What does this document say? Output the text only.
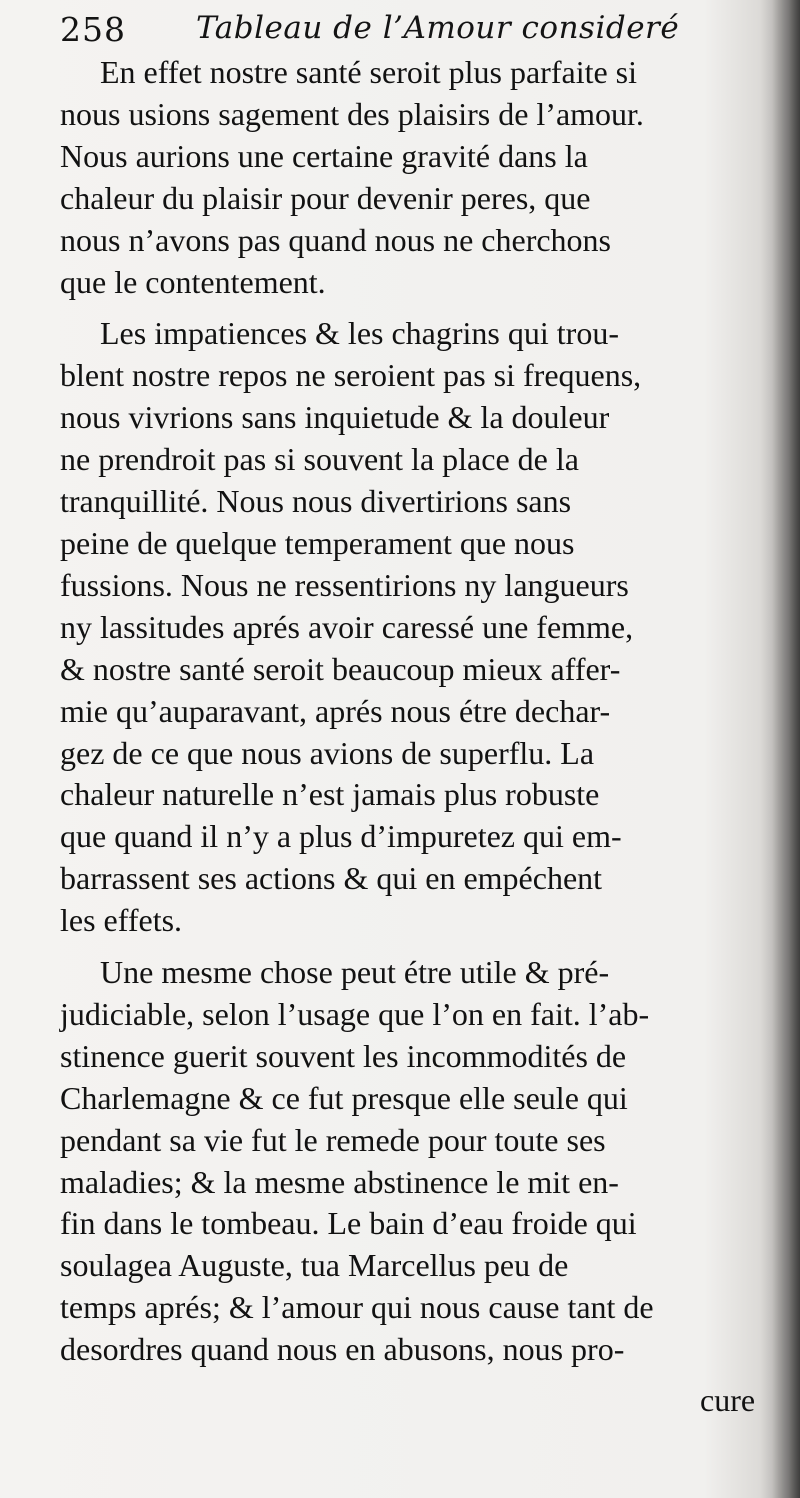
258 Tableau de l’Amour consideré

En effet nostre santé seroit plus parfaite si
nous usions sagement des plaisirs de l’amour.
Nous aurions une certaine gravité dans la
chaleur du plaisir pour devenir peres, que
nous n’avons pas quand nous ne cherchons
que le contentement.

Les impatiences & les chagrins qui trou-
blent nostre repos ne seroient pas si frequens,
nous vivrions sans inquietude & la douleur
ne prendroit pas si souvent la place de la
tranquillité. Nous nous divertirions sans
peine de quelque temperament que nous
fussions. Nous ne ressentirions ny langueurs
ny lassitudes aprés avoir caressé une femme,
& nostre santé seroit beaucoup mieux affer-
mie qu’auparavant, aprés nous étre dechar-
gez de ce que nous avions de superflu. La
chaleur naturelle n’est jamais plus robuste
que quand il n’y a plus d’impuretez qui em-
barrassent ses actions & qui en empéchent
les effets.

Une mesme chose peut étre utile & pré-
judiciable, selon l’usage que l’on en fait. l’ab-
stinence guerit souvent les incommodités de
Charlemagne & ce fut presque elle seule qui
pendant sa vie fut le remede pour toute ses
maladies; & la mesme abstinence le mit en-
fin dans le tombeau. Le bain d’eau froide qui
soulagea Auguste, tua Marcellus peu de
temps aprés; & l’amour qui nous cause tant de
desordres quand nous en abusons, nous pro-

cure
